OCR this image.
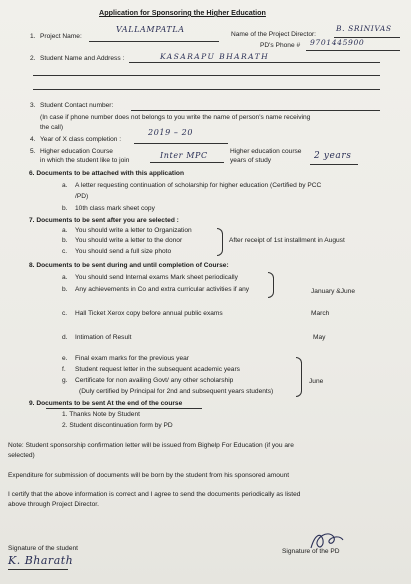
Application for Sponsoring the Higher Education
1. Project Name:
VALLAMPATLA
Name of the Project Director:
B. SRINIVAS
PD's Phone # 9701445900
2. Student Name and Address :	KASARAPU BHARATH
3. Student Contact number:
(In case if phone number does not belongs to you write the name of person's name receiving
the call)
4. Year of X class completion :
2019 – 20
5. Higher education Course
in which the student like to join
Inter MPC	Higher education course
years of study	2 years
6. Documents to be attached with this application
a. A letter requesting continuation of scholarship for higher education (Certified by PCC
/PD)
b. 10th class mark sheet copy
7. Documents to be sent after you are selected :
a. You should write a letter to Organization
b. You should write a letter to the donor
c. You should send a full size photo
After receipt of 1st installment in August
8. Documents to be sent during and until completion of Course:
a. You should send Internal exams Mark sheet periodically
b. Any achievements in Co and extra curricular activities if any	January &June
c. Hall Ticket Xerox copy before annual public exams	March
d. Intimation of Result	May
e. Final exam marks for the previous year
f. Student request letter in the subsequent academic years
g. Certificate for non availing Govt/ any other scholarship
(Duly certified by Principal for 2nd and subsequent years students)
June
9. Documents to be sent At the end of the course
1. Thanks Note by Student
2. Student discontinuation form by PD
Note: Student sponsorship confirmation letter will be issued from Bighelp For Education (if you are
selected)
Expenditure for submission of documents will be born by the student from his sponsored amount
I certify that the above information is correct and I agree to send the documents periodically as listed
above through Project Director.
Signature of the student
K. Bharath
Signature of the PD
